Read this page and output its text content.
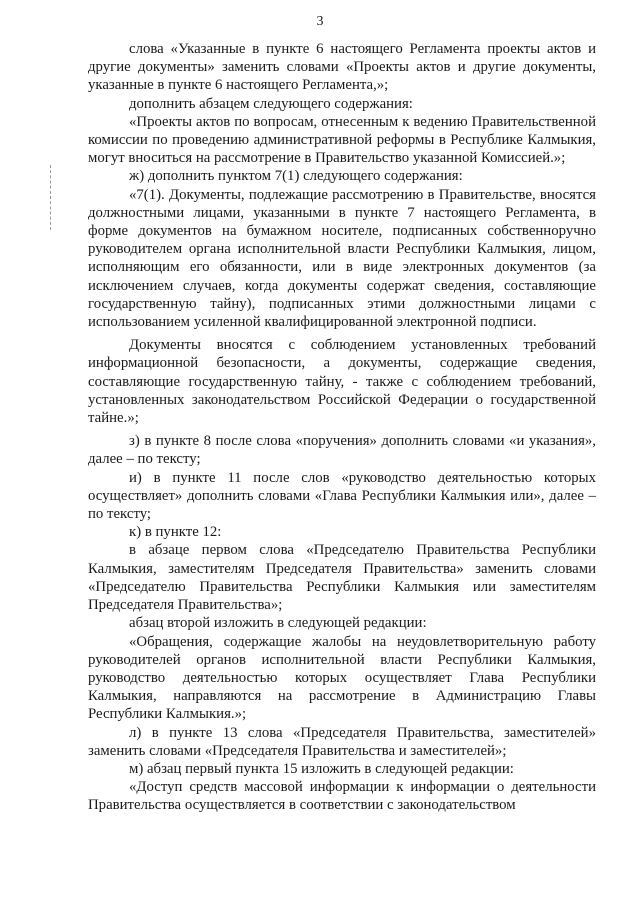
3

слова «Указанные в пункте 6 настоящего Регламента проекты актов и другие документы» заменить словами «Проекты актов и другие документы, указанные в пункте 6 настоящего Регламента,»;

дополнить абзацем следующего содержания:

«Проекты актов по вопросам, отнесенным к ведению Правительственной комиссии по проведению административной реформы в Республике Калмыкия, могут вноситься на рассмотрение в Правительство указанной Комиссией.»;

ж) дополнить пунктом 7(1) следующего содержания:

«7(1). Документы, подлежащие рассмотрению в Правительстве, вносятся должностными лицами, указанными в пункте 7 настоящего Регламента, в форме документов на бумажном носителе, подписанных собственноручно руководителем органа исполнительной власти Республики Калмыкия, лицом, исполняющим его обязанности, или в виде электронных документов (за исключением случаев, когда документы содержат сведения, составляющие государственную тайну), подписанных этими должностными лицами с использованием усиленной квалифицированной электронной подписи.

Документы вносятся с соблюдением установленных требований информационной безопасности, а документы, содержащие сведения, составляющие государственную тайну, - также с соблюдением требований, установленных законодательством Российской Федерации о государственной тайне.»;

з) в пункте 8 после слова «поручения» дополнить словами «и указания», далее – по тексту;

и) в пункте 11 после слов «руководство деятельностью которых осуществляет» дополнить словами «Глава Республики Калмыкия или», далее – по тексту;

к) в пункте 12:

в абзаце первом слова «Председателю Правительства Республики Калмыкия, заместителям Председателя Правительства» заменить словами «Председателю Правительства Республики Калмыкия или заместителям Председателя Правительства»;

абзац второй изложить в следующей редакции:

«Обращения, содержащие жалобы на неудовлетворительную работу руководителей органов исполнительной власти Республики Калмыкия, руководство деятельностью которых осуществляет Глава Республики Калмыкия, направляются на рассмотрение в Администрацию Главы Республики Калмыкия.»;

л) в пункте 13 слова «Председателя Правительства, заместителей» заменить словами «Председателя Правительства и заместителей»;

м) абзац первый пункта 15 изложить в следующей редакции:

«Доступ средств массовой информации к информации о деятельности Правительства осуществляется в соответствии с законодательством
